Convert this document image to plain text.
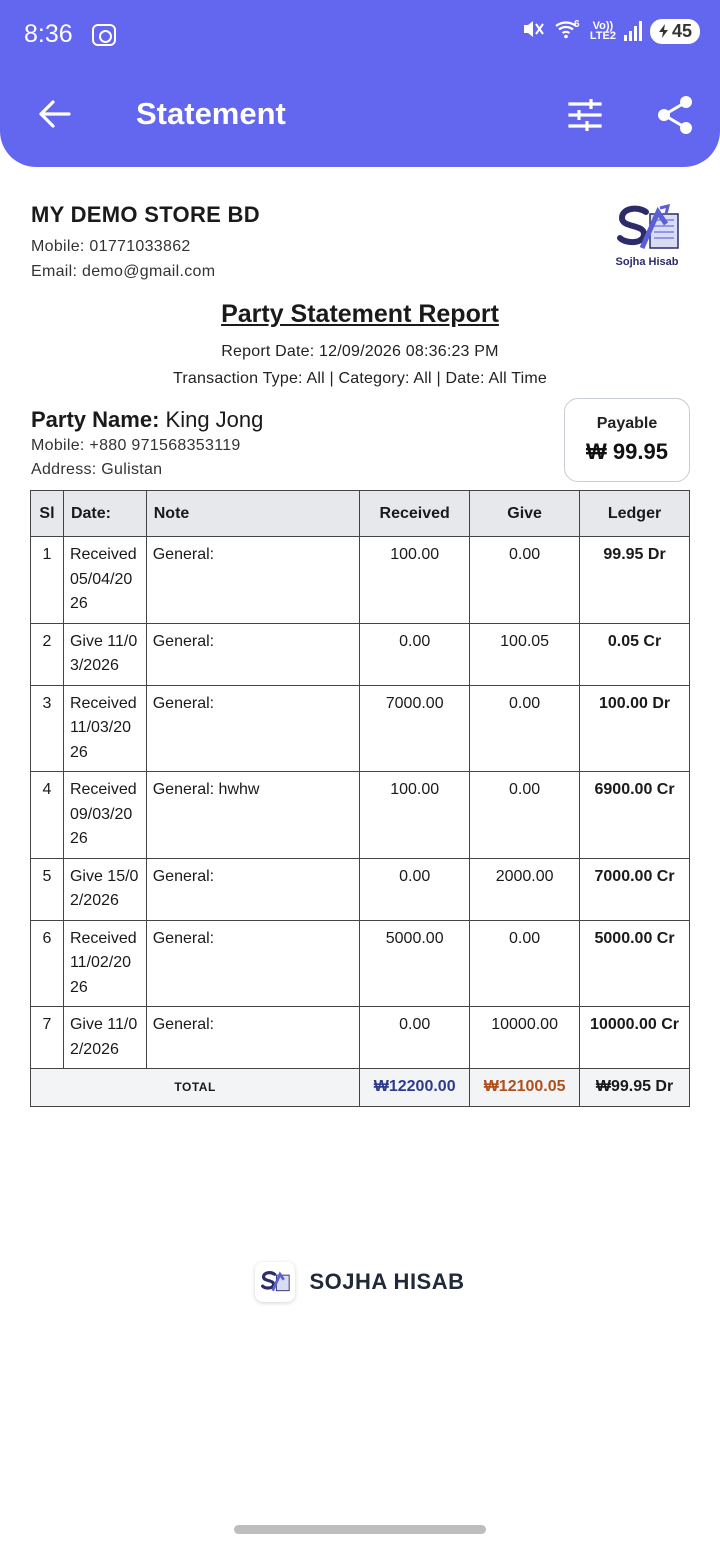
8:36	6 Vo))
LTE2	45
Statement
MY DEMO STORE BD
Mobile: 01771033862
Email: demo@gmail.com
Sojha Hisab
Party Statement Report
Report Date: 12/09/2026 08:36:23 PM
Transaction Type: All | Category: All | Date: All Time
Party Name: King Jong
Mobile: +880 971568353119
Address: Gulistan
Payable
₩ 99.95
Sl	Date:	Note	Received	Give	Ledger
1	Received 05/04/2026	General:	100.00	0.00	99.95 Dr
2	Give 11/03/2026	General:	0.00	100.05	0.05 Cr
3	Received 11/03/2026	General:	7000.00	0.00	100.00 Dr
4	Received 09/03/2026	General: hwhw	100.00	0.00	6900.00 Cr
5	Give 15/02/2026	General:	0.00	2000.00	7000.00 Cr
6	Received 11/02/2026	General:	5000.00	0.00	5000.00 Cr
7	Give 11/02/2026	General:	0.00	10000.00	10000.00 Cr
TOTAL			₩12200.00	₩12100.05	₩99.95 Dr
SOJHA HISAB
